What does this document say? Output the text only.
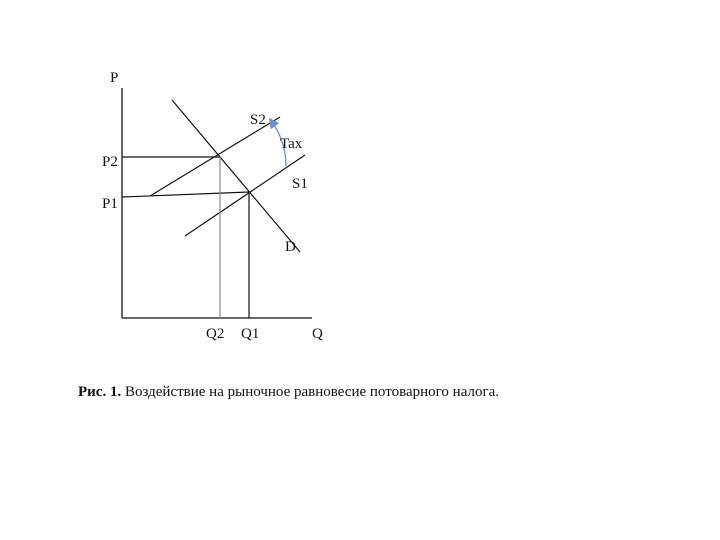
P
Q
P2
P1
Q2 Q1
S2
S1
D
Tax
Рис. 1. Воздействие на рыночное равновесие потоварного налога.
